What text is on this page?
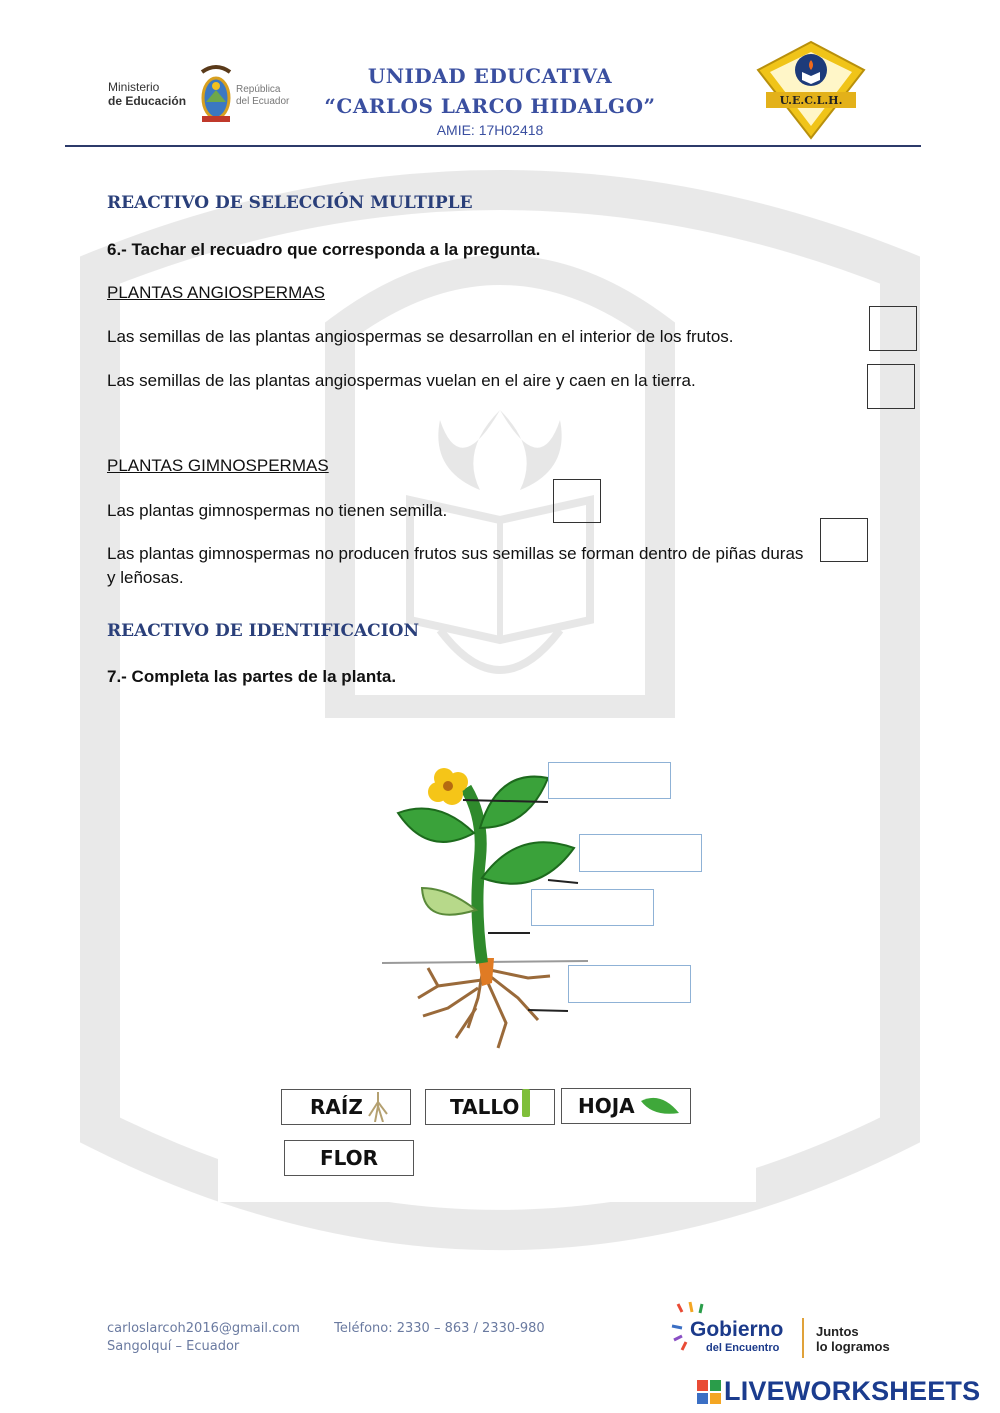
Ministerio
de Educación
República
del Ecuador
UNIDAD EDUCATIVA
“CARLOS LARCO HIDALGO”
AMIE: 17H02418
U.E.C.L.H.
REACTIVO DE SELECCIÓN MULTIPLE
6.- Tachar el recuadro que corresponda a la pregunta.
PLANTAS ANGIOSPERMAS
Las semillas de las plantas angiospermas se desarrollan en el interior de los frutos.
Las semillas de las plantas angiospermas vuelan en el aire y caen en la tierra.
PLANTAS GIMNOSPERMAS
Las plantas gimnospermas no tienen semilla.
Las plantas gimnospermas no producen frutos sus semillas se forman dentro de piñas duras y leñosas.
REACTIVO DE IDENTIFICACION
7.- Completa las partes de la planta.
RAÍZ	TALLO	HOJA
FLOR
carloslarcoh2016@gmail.com	Teléfono: 2330 – 863 / 2330-980
Sangolquí – Ecuador
Gobierno
del Encuentro
Juntos
lo logramos
LIVEWORKSHEETS
